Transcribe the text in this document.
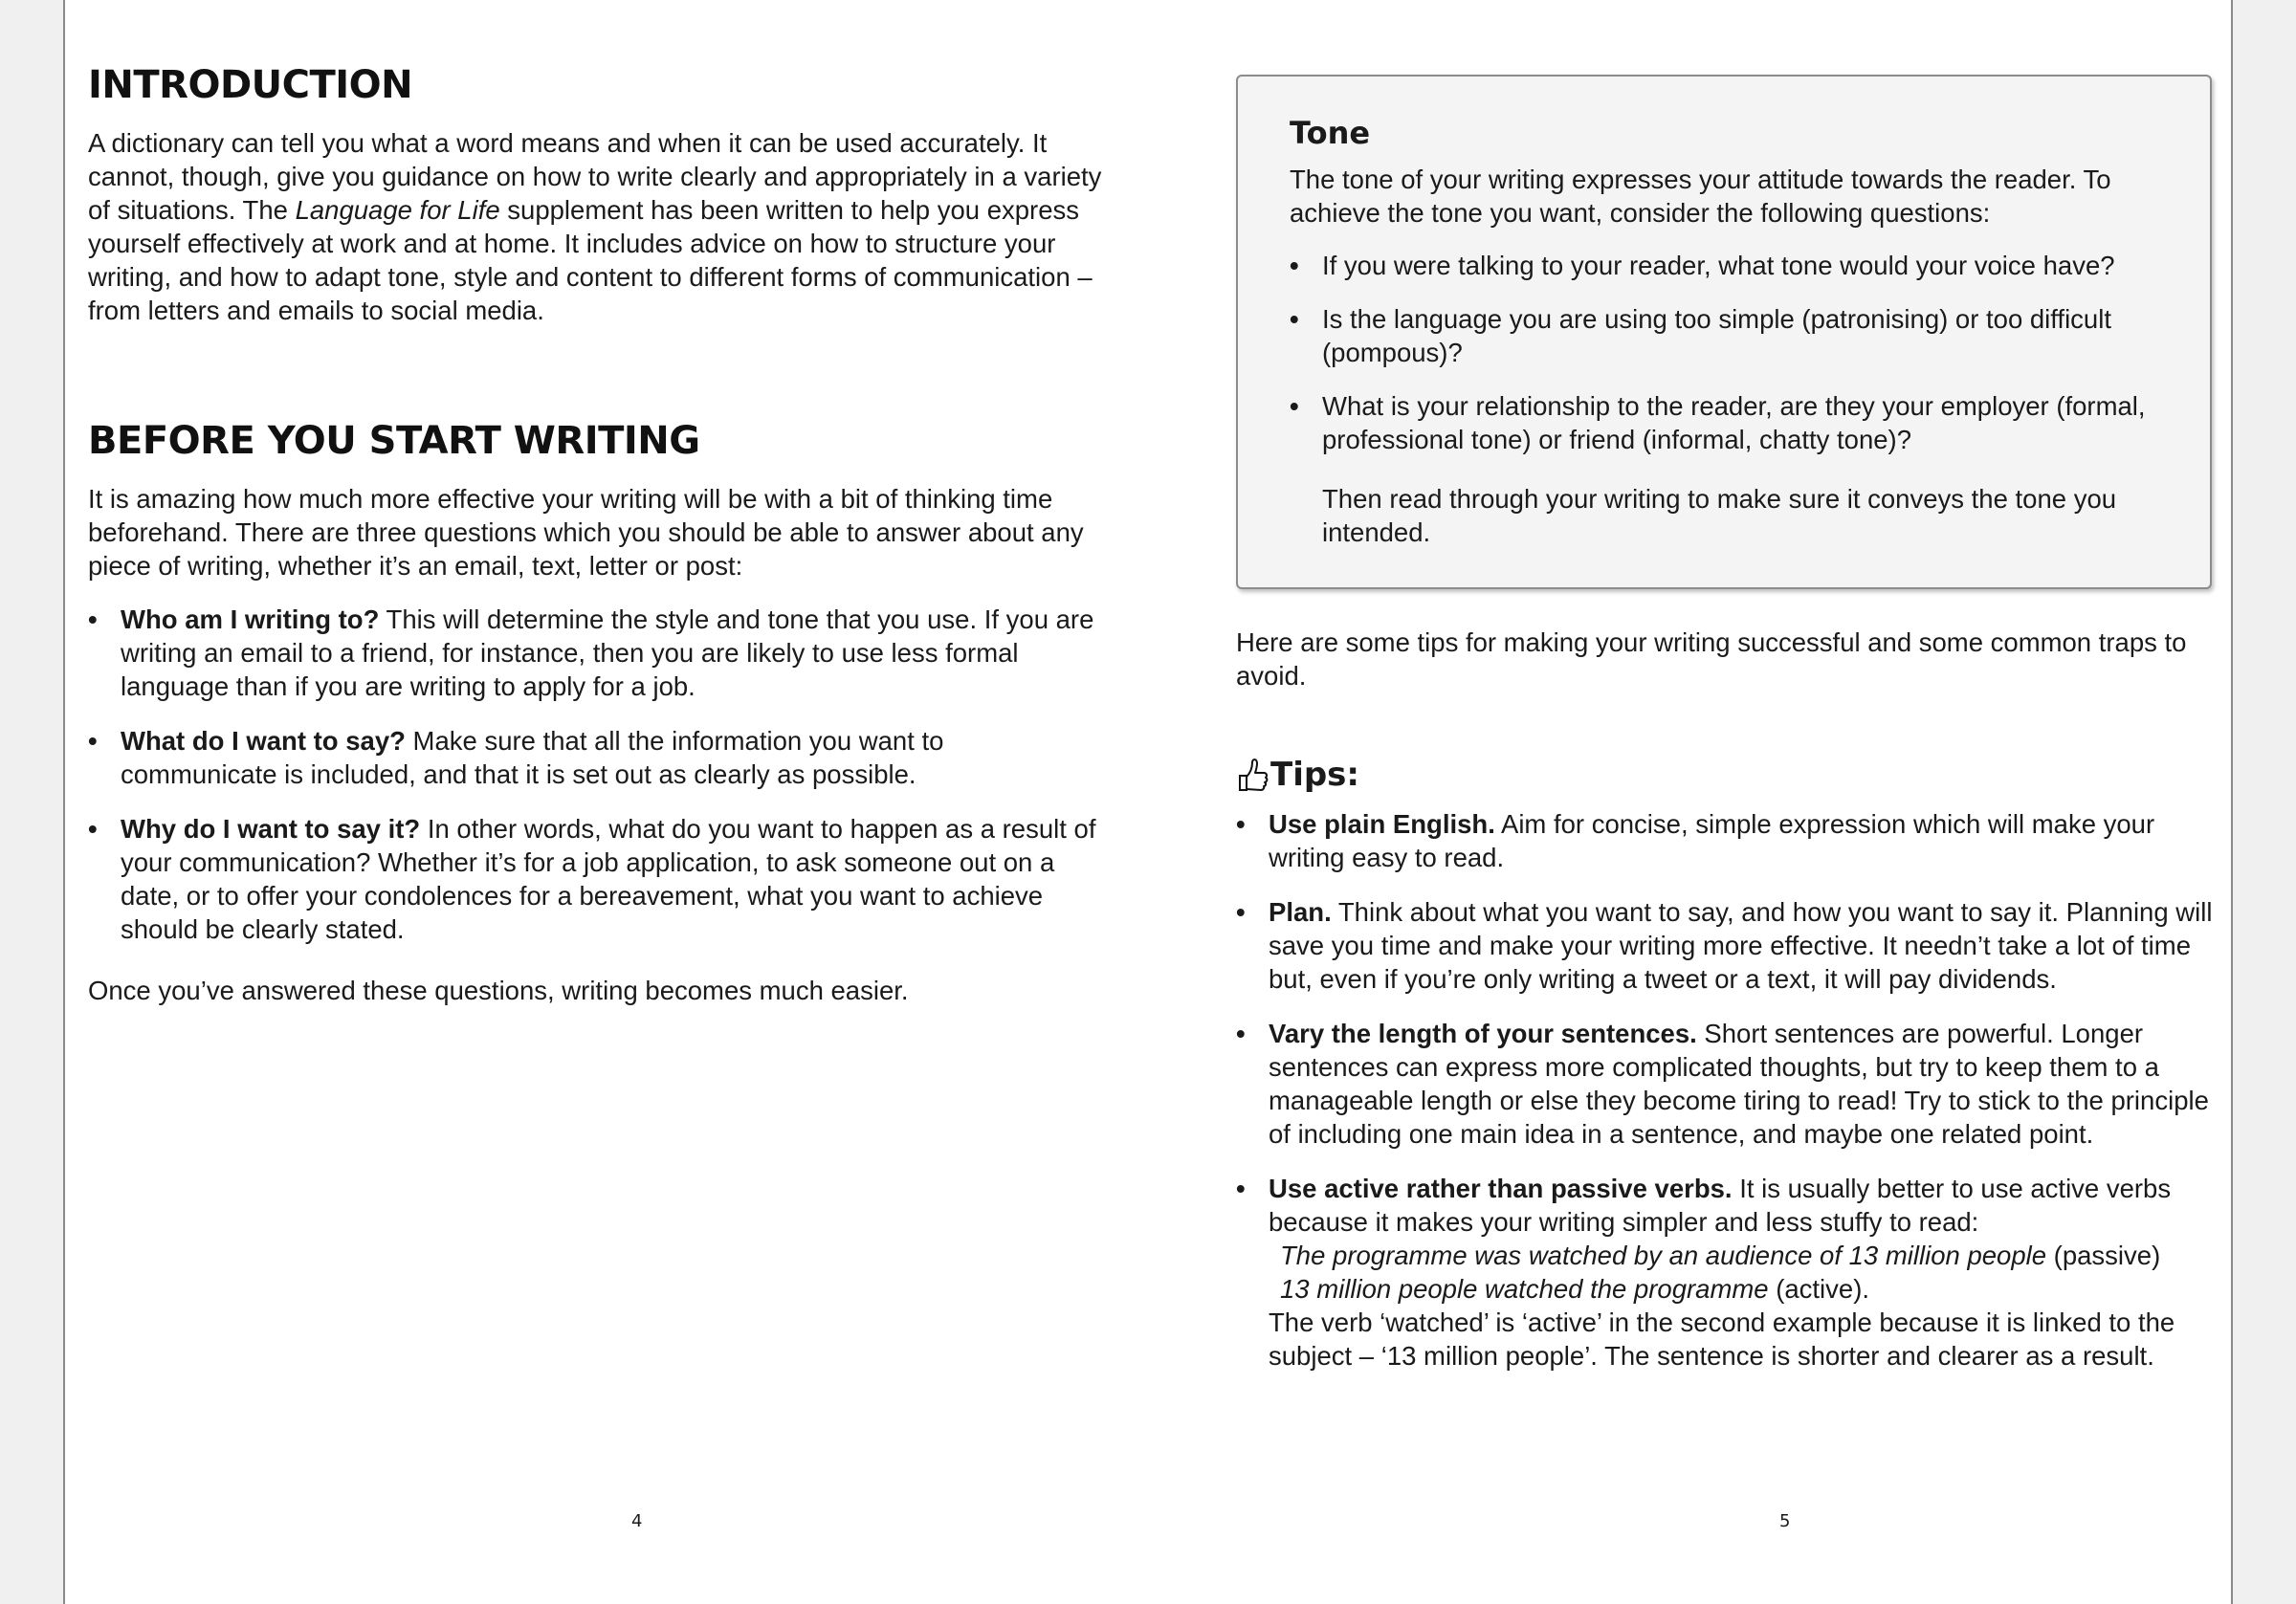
INTRODUCTION

A dictionary can tell you what a word means and when it can be used accurately. It cannot, though, give you guidance on how to write clearly and appropriately in a variety of situations. The Language for Life supplement has been written to help you express yourself effectively at work and at home. It includes advice on how to structure your writing, and how to adapt tone, style and content to different forms of communication – from letters and emails to social media.

BEFORE YOU START WRITING

It is amazing how much more effective your writing will be with a bit of thinking time beforehand. There are three questions which you should be able to answer about any piece of writing, whether it’s an email, text, letter or post:

• Who am I writing to? This will determine the style and tone that you use. If you are writing an email to a friend, for instance, then you are likely to use less formal language than if you are writing to apply for a job.
• What do I want to say? Make sure that all the information you want to communicate is included, and that it is set out as clearly as possible.
• Why do I want to say it? In other words, what do you want to happen as a result of your communication? Whether it’s for a job application, to ask someone out on a date, or to offer your condolences for a bereavement, what you want to achieve should be clearly stated.

Once you’ve answered these questions, writing becomes much easier.

4
Tone

The tone of your writing expresses your attitude towards the reader. To achieve the tone you want, consider the following questions:

• If you were talking to your reader, what tone would your voice have?
• Is the language you are using too simple (patronising) or too difficult (pompous)?
• What is your relationship to the reader, are they your employer (formal, professional tone) or friend (informal, chatty tone)?

Then read through your writing to make sure it conveys the tone you intended.

Here are some tips for making your writing successful and some common traps to avoid.

Tips:
• Use plain English. Aim for concise, simple expression which will make your writing easy to read.
• Plan. Think about what you want to say, and how you want to say it. Planning will save you time and make your writing more effective. It needn’t take a lot of time but, even if you’re only writing a tweet or a text, it will pay dividends.
• Vary the length of your sentences. Short sentences are powerful. Longer sentences can express more complicated thoughts, but try to keep them to a manageable length or else they become tiring to read! Try to stick to the principle of including one main idea in a sentence, and maybe one related point.
• Use active rather than passive verbs. It is usually better to use active verbs because it makes your writing simpler and less stuffy to read:
The programme was watched by an audience of 13 million people (passive)
13 million people watched the programme (active).
The verb ‘watched’ is ‘active’ in the second example because it is linked to the subject – ‘13 million people’. The sentence is shorter and clearer as a result.
5
